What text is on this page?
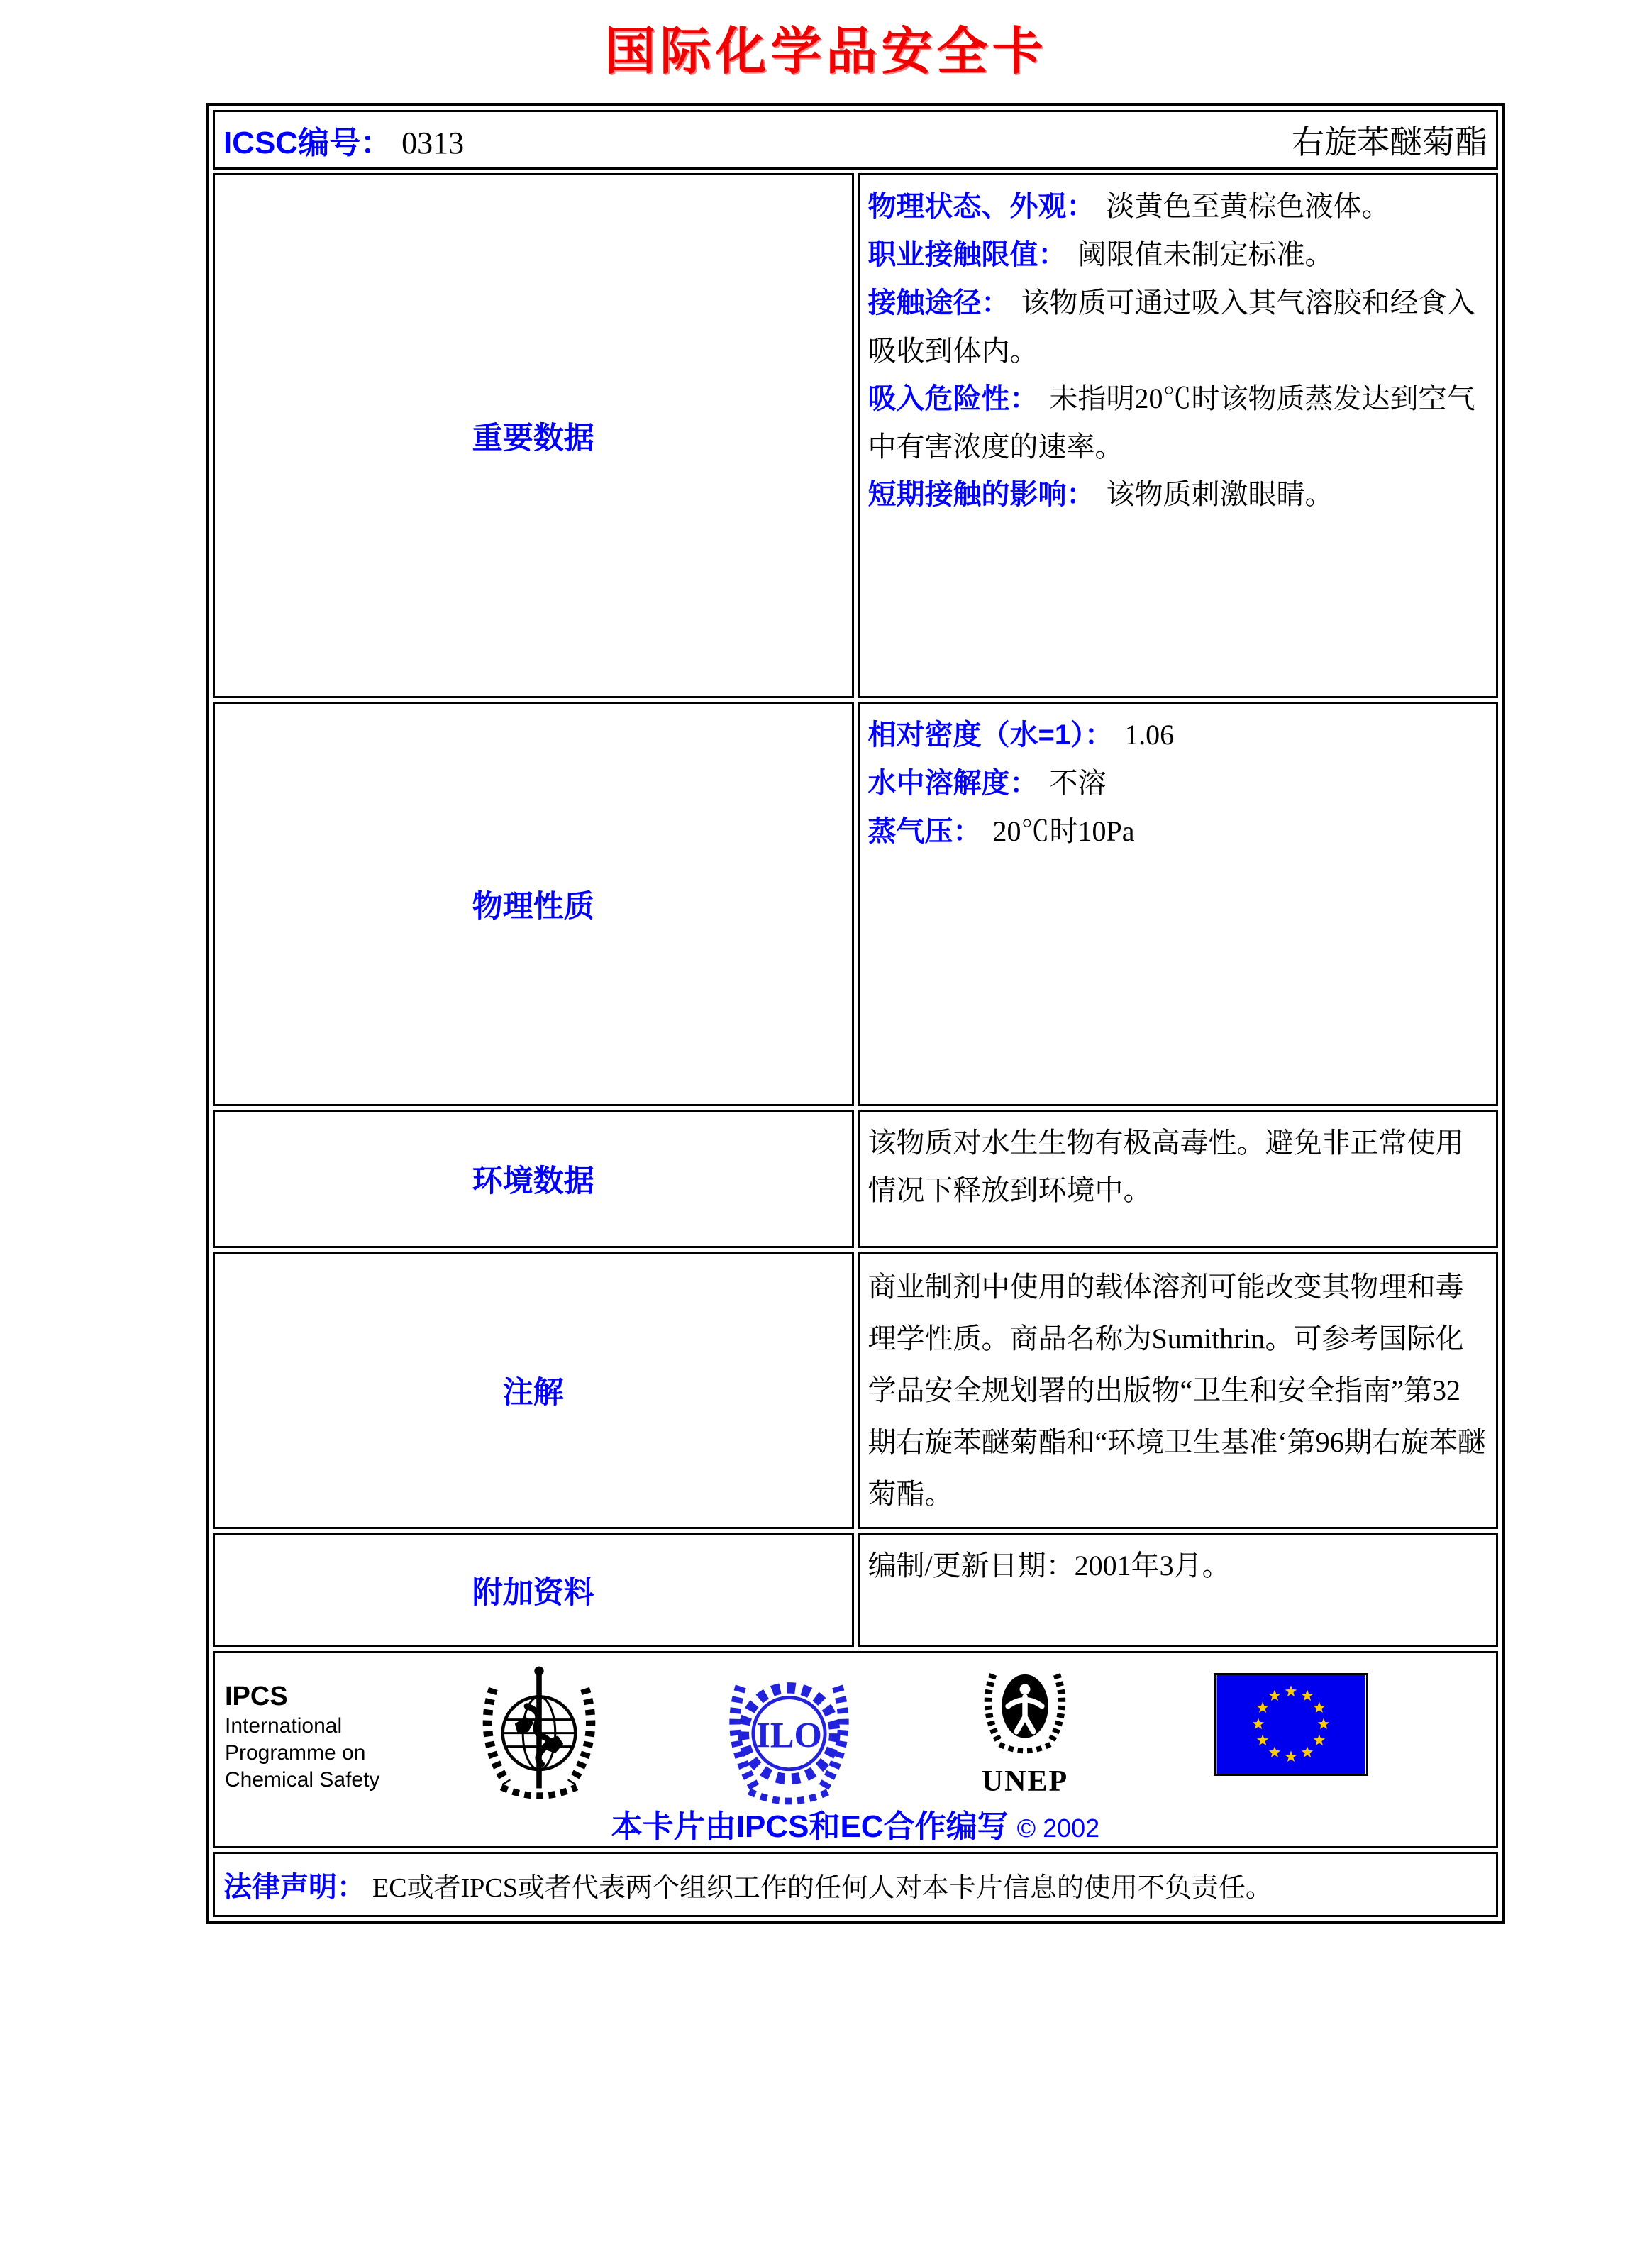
国际化学品安全卡
ICSC编号： 0313 右旋苯醚菊酯	

重要数据	物理状态、外观： 淡黄色至黄棕色液体。
职业接触限值： 阈限值未制定标准。
接触途径： 该物质可通过吸入其气溶胶和经食入吸收到体内。
吸入危险性： 未指明20℃时该物质蒸发达到空气中有害浓度的速率。
短期接触的影响： 该物质刺激眼睛。

物理性质	相对密度（水=1）： 1.06
水中溶解度： 不溶
蒸气压： 20℃时10Pa

环境数据	该物质对水生生物有极高毒性。避免非正常使用情况下释放到环境中。
注解	商业制剂中使用的载体溶剂可能改变其物理和毒理学性质。商品名称为Sumithrin。可参考国际化学品安全规划署的出版物“卫生和安全指南”第32期右旋苯醚菊酯和“环境卫生基准‘第96期右旋苯醚菊酯。
附加资料	编制/更新日期：2001年3月。

IPCS
International
Programme on
Chemical Safety
ILO
UNEP
本卡片由IPCS和EC合作编写 © 2002

法律声明： EC或者IPCS或者代表两个组织工作的任何人对本卡片信息的使用不负责任。	
